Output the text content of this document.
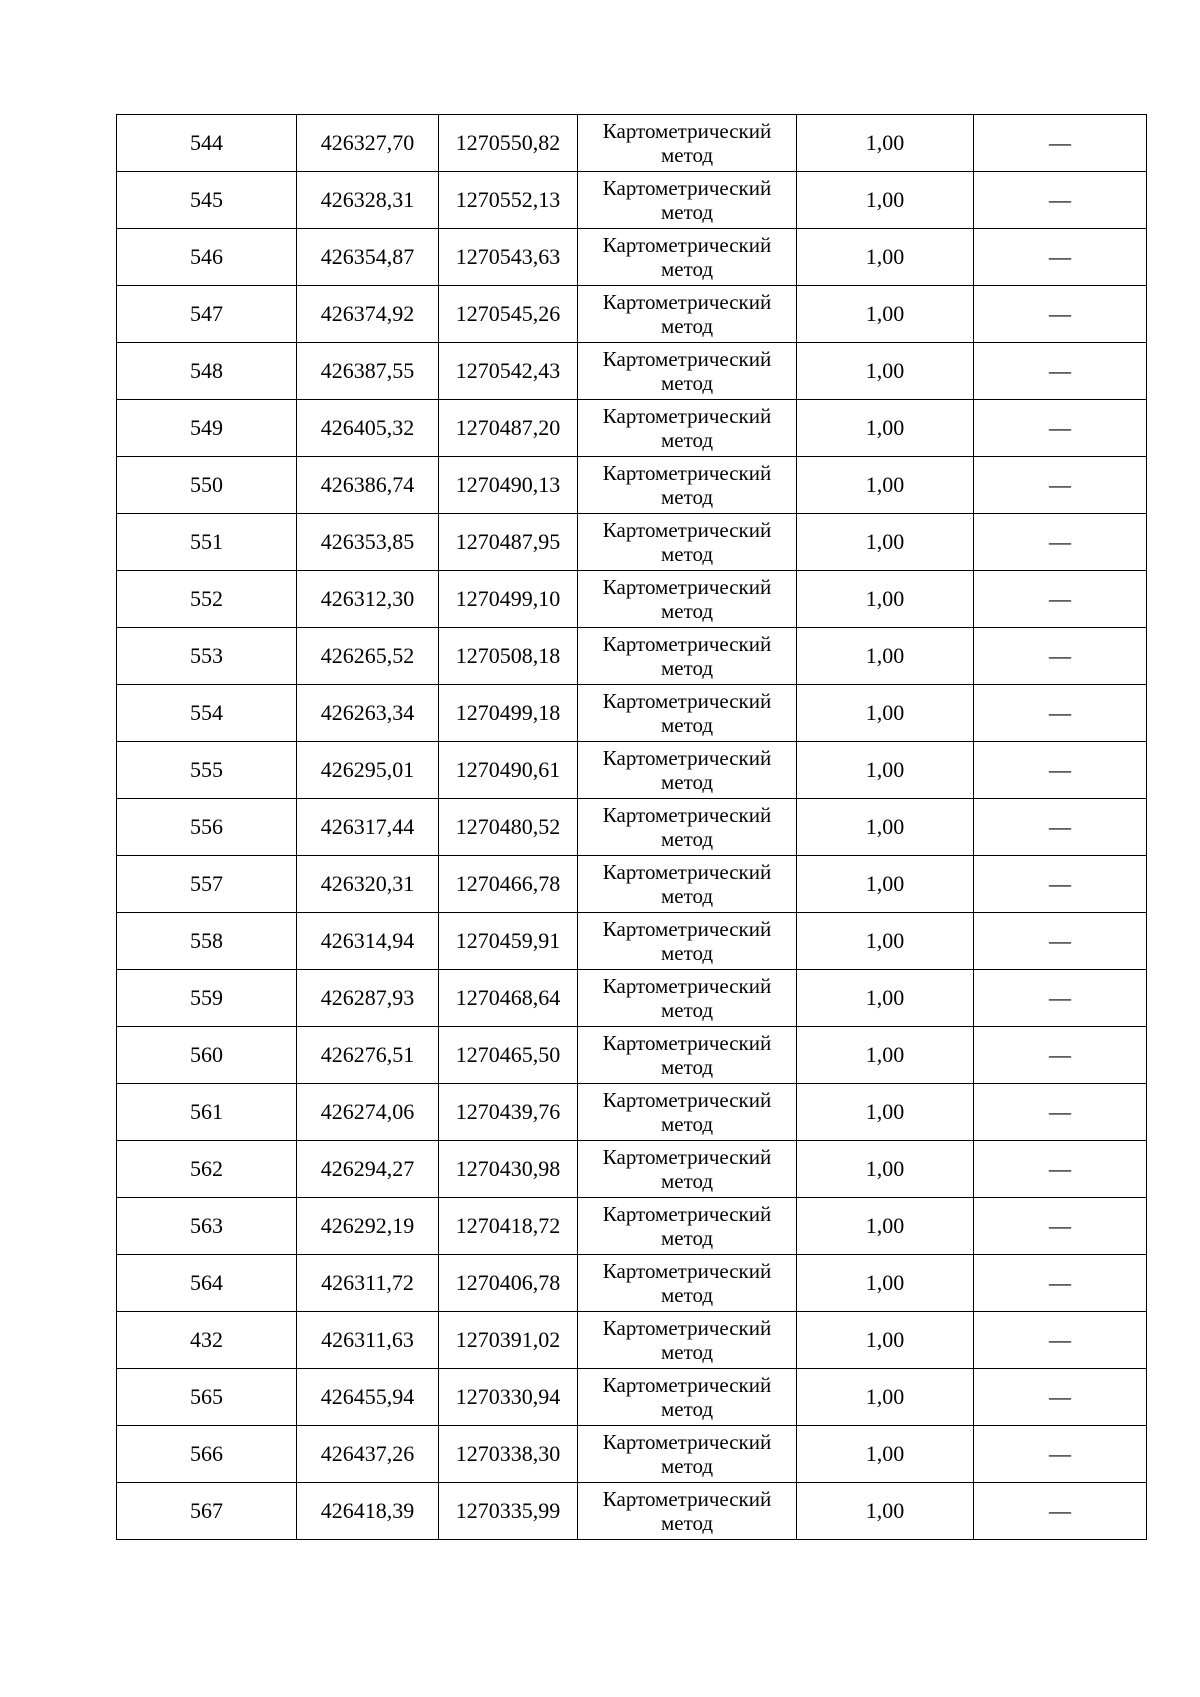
544	426327,70	1270550,82	Картометрический
метод	1,00	—
545	426328,31	1270552,13	Картометрический
метод	1,00	—
546	426354,87	1270543,63	Картометрический
метод	1,00	—
547	426374,92	1270545,26	Картометрический
метод	1,00	—
548	426387,55	1270542,43	Картометрический
метод	1,00	—
549	426405,32	1270487,20	Картометрический
метод	1,00	—
550	426386,74	1270490,13	Картометрический
метод	1,00	—
551	426353,85	1270487,95	Картометрический
метод	1,00	—
552	426312,30	1270499,10	Картометрический
метод	1,00	—
553	426265,52	1270508,18	Картометрический
метод	1,00	—
554	426263,34	1270499,18	Картометрический
метод	1,00	—
555	426295,01	1270490,61	Картометрический
метод	1,00	—
556	426317,44	1270480,52	Картометрический
метод	1,00	—
557	426320,31	1270466,78	Картометрический
метод	1,00	—
558	426314,94	1270459,91	Картометрический
метод	1,00	—
559	426287,93	1270468,64	Картометрический
метод	1,00	—
560	426276,51	1270465,50	Картометрический
метод	1,00	—
561	426274,06	1270439,76	Картометрический
метод	1,00	—
562	426294,27	1270430,98	Картометрический
метод	1,00	—
563	426292,19	1270418,72	Картометрический
метод	1,00	—
564	426311,72	1270406,78	Картометрический
метод	1,00	—
432	426311,63	1270391,02	Картометрический
метод	1,00	—
565	426455,94	1270330,94	Картометрический
метод	1,00	—
566	426437,26	1270338,30	Картометрический
метод	1,00	—
567	426418,39	1270335,99	Картометрический
метод	1,00	—
